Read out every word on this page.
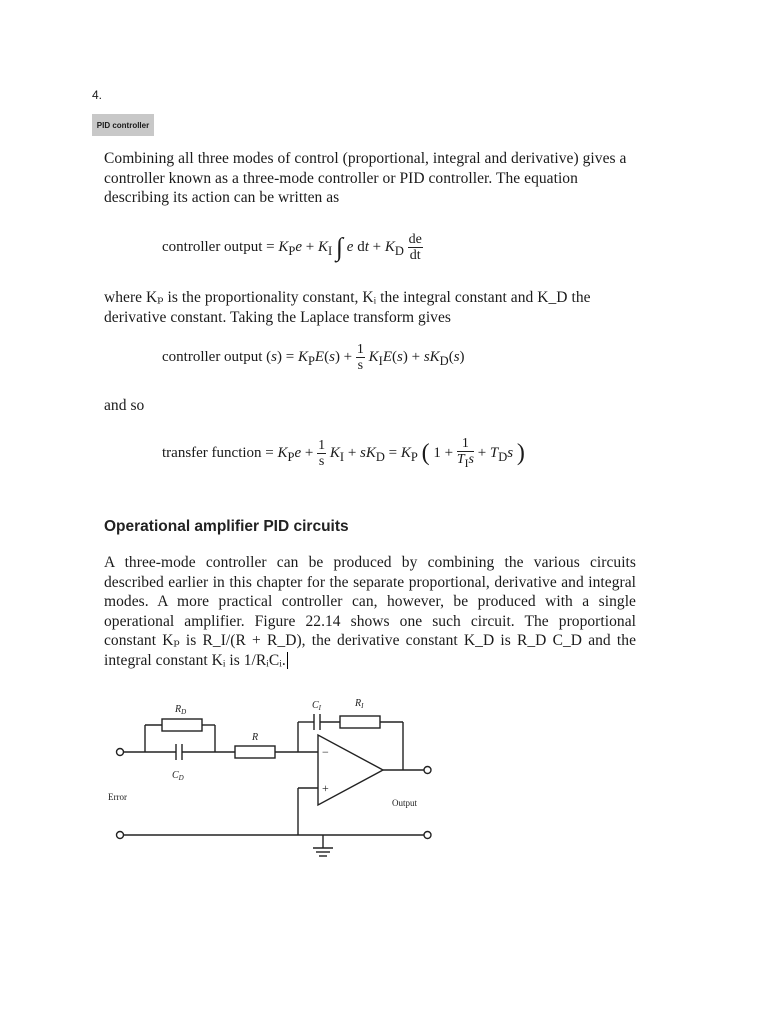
4.
PID controller
Combining all three modes of control (proportional, integral and derivative) gives a controller known as a three-mode controller or PID controller. The equation describing its action can be written as
controller output = $K_Pe + K_I$ ∫ e dt + $K_D \frac{de}{dt}$
where Kₚ is the proportionality constant, Kᵢ the integral constant and K_D the derivative constant. Taking the Laplace transform gives
controller output $(s) = K_PE(s) + \frac{1}{s} K_IE(s) + sK_D(s)$
and so
transfer function = $K_Pe + \frac{1}{s} K_I + sK_D = K_P$ ( $1 + \frac{1}{T_Is} + T_Ds$ )
Operational amplifier PID circuits
A three-mode controller can be produced by combining the various circuits described earlier in this chapter for the separate proportional, derivative and integral modes. A more practical controller can, however, be produced with a single operational amplifier. Figure 22.14 shows one such circuit. The proportional constant Kₚ is R_I/(R + R_D), the derivative constant K_D is R_D C_D and the integral constant Kᵢ is 1/RᵢCᵢ.
$R_D$
$C_D$
R
$C_I$	$R_I$
−
+
Error
Output
